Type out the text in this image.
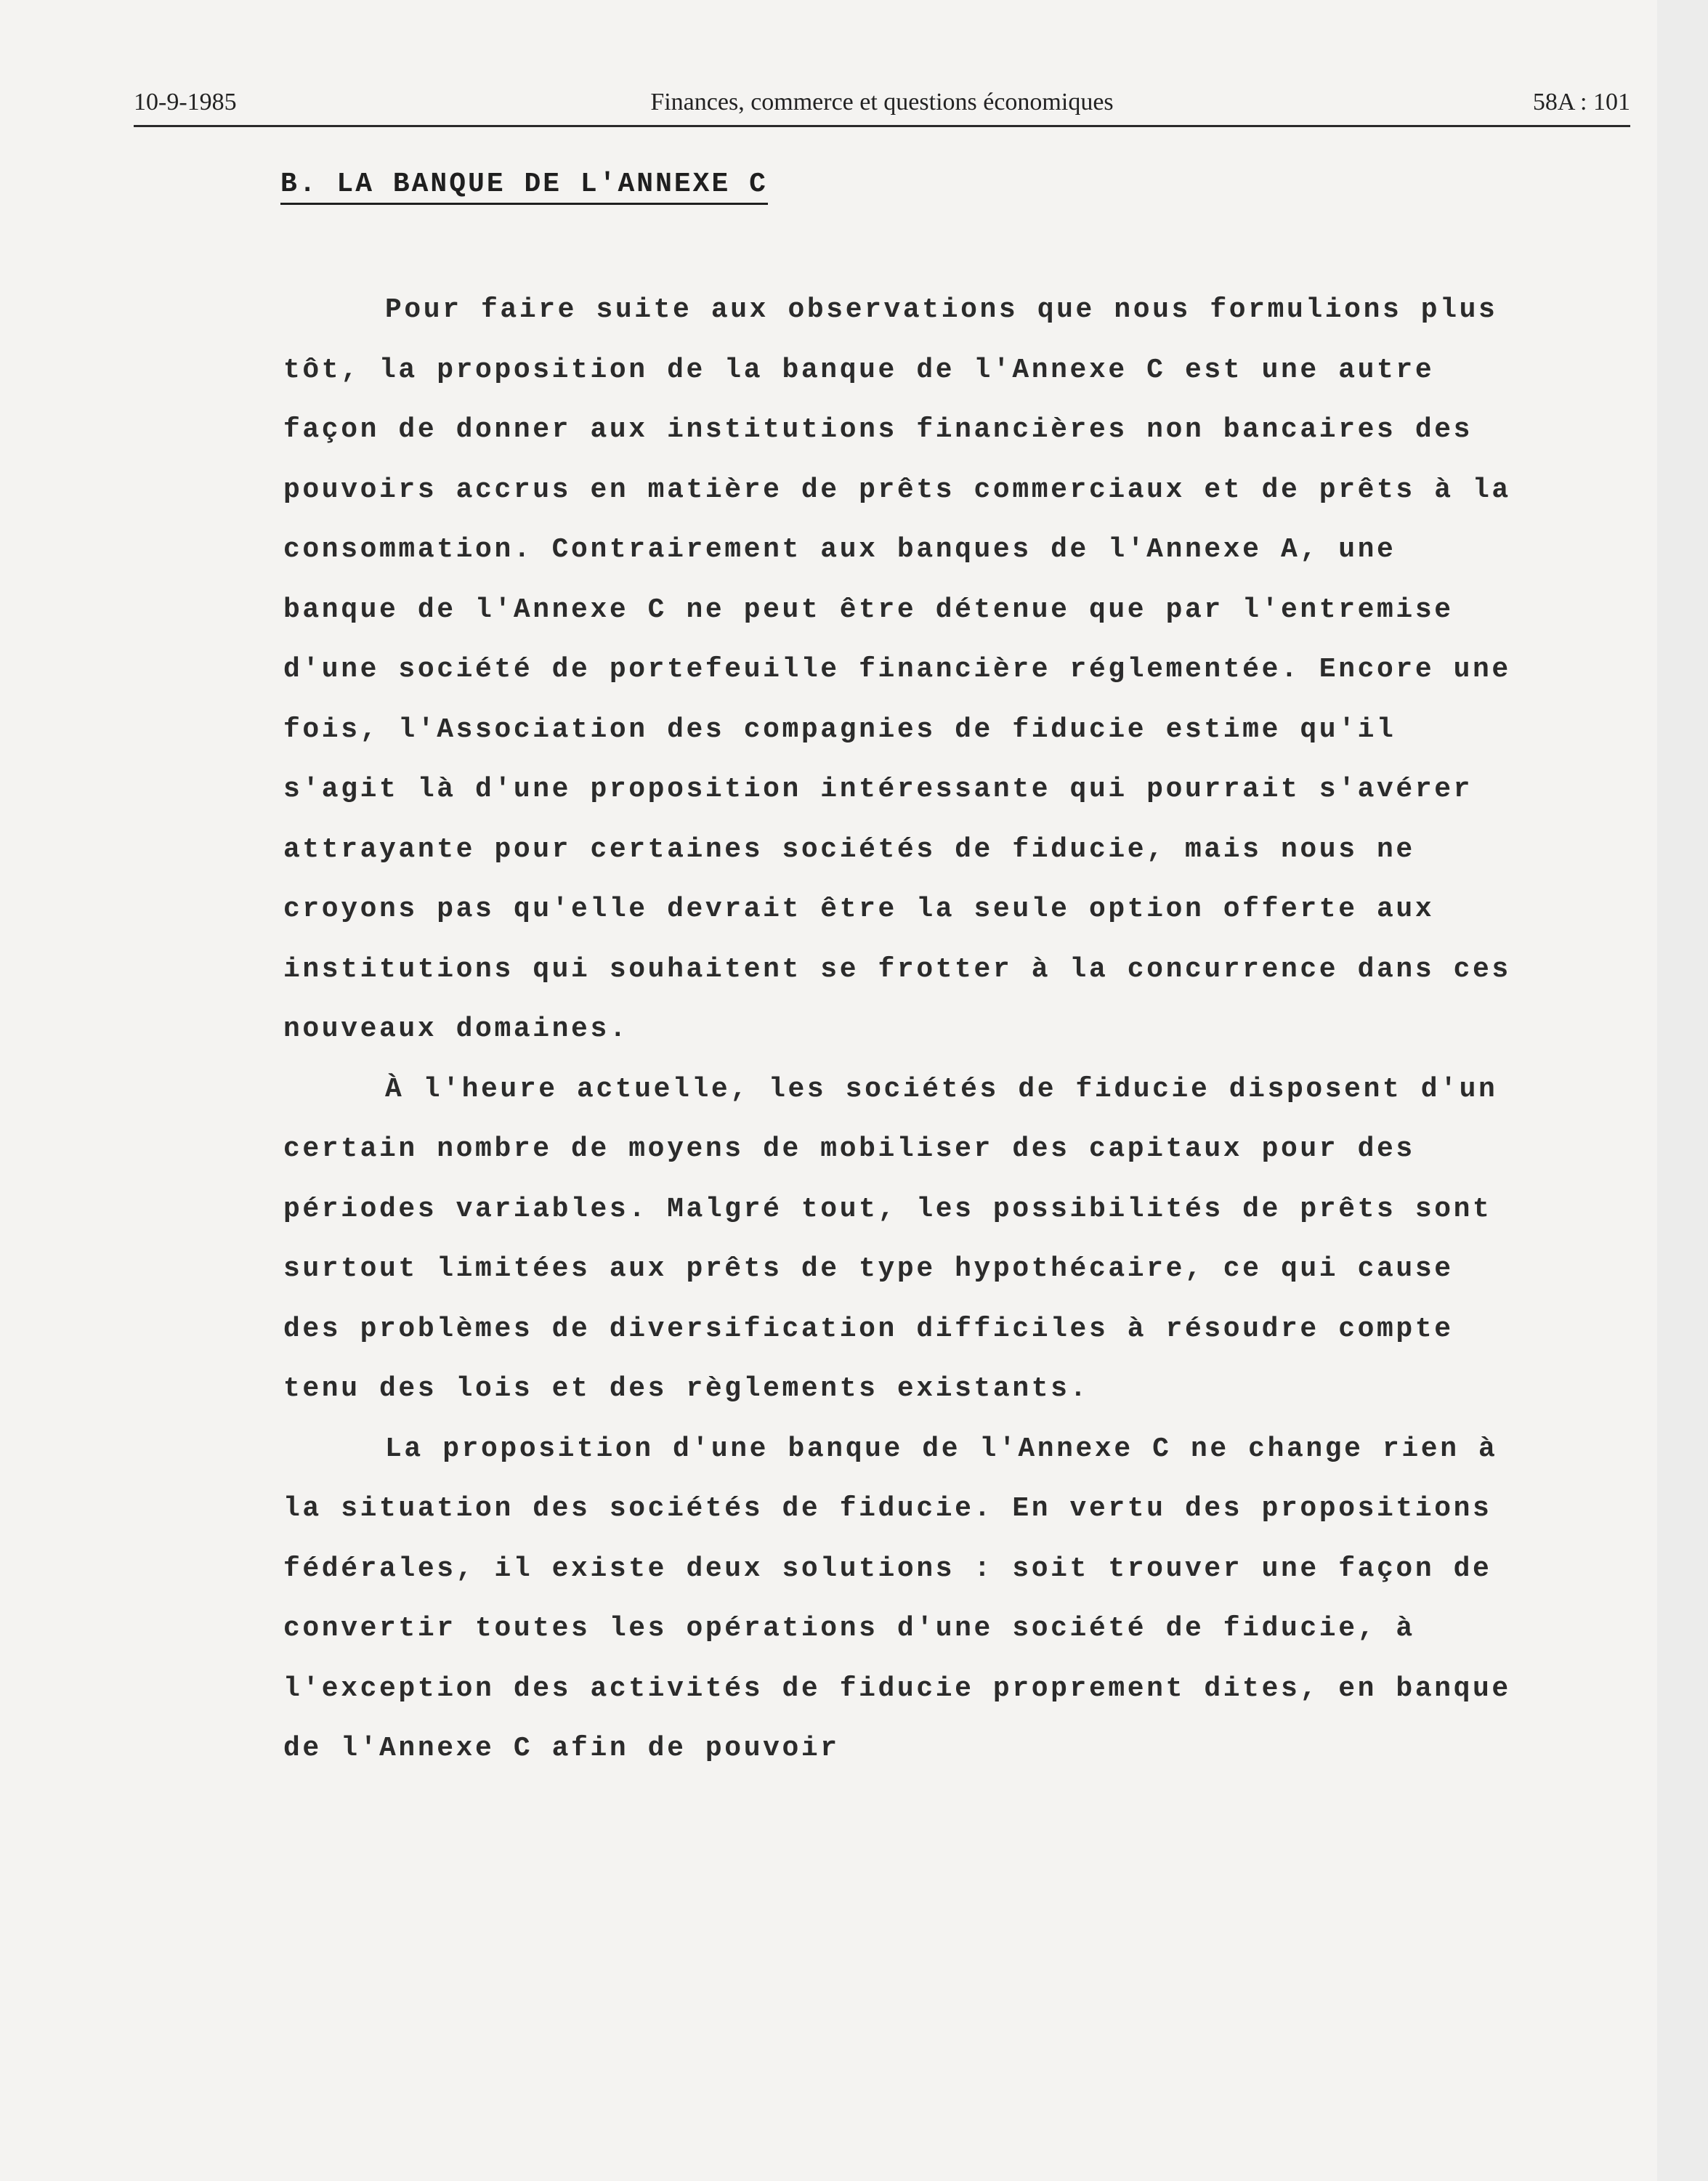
Finances, commerce et questions économiques
10-9-1985	58A : 101
B. LA BANQUE DE L'ANNEXE C

Pour faire suite aux observations que nous formulions plus tôt, la proposition de la banque de l'Annexe C est une autre façon de donner aux institutions financières non bancaires des pouvoirs accrus en matière de prêts commerciaux et de prêts à la consommation. Contrairement aux banques de l'Annexe A, une banque de l'Annexe C ne peut être détenue que par l'entremise d'une société de portefeuille financière réglementée. Encore une fois, l'Association des compagnies de fiducie estime qu'il s'agit là d'une proposition intéressante qui pourrait s'avérer attrayante pour certaines sociétés de fiducie, mais nous ne croyons pas qu'elle devrait être la seule option offerte aux institutions qui souhaitent se frotter à la concurrence dans ces nouveaux domaines.

À l'heure actuelle, les sociétés de fiducie disposent d'un certain nombre de moyens de mobiliser des capitaux pour des périodes variables. Malgré tout, les possibilités de prêts sont surtout limitées aux prêts de type hypothécaire, ce qui cause des problèmes de diversification difficiles à résoudre compte tenu des lois et des règlements existants.

La proposition d'une banque de l'Annexe C ne change rien à la situation des sociétés de fiducie. En vertu des propositions fédérales, il existe deux solutions : soit trouver une façon de convertir toutes les opérations d'une société de fiducie, à l'exception des activités de fiducie proprement dites, en banque de l'Annexe C afin de pouvoir
